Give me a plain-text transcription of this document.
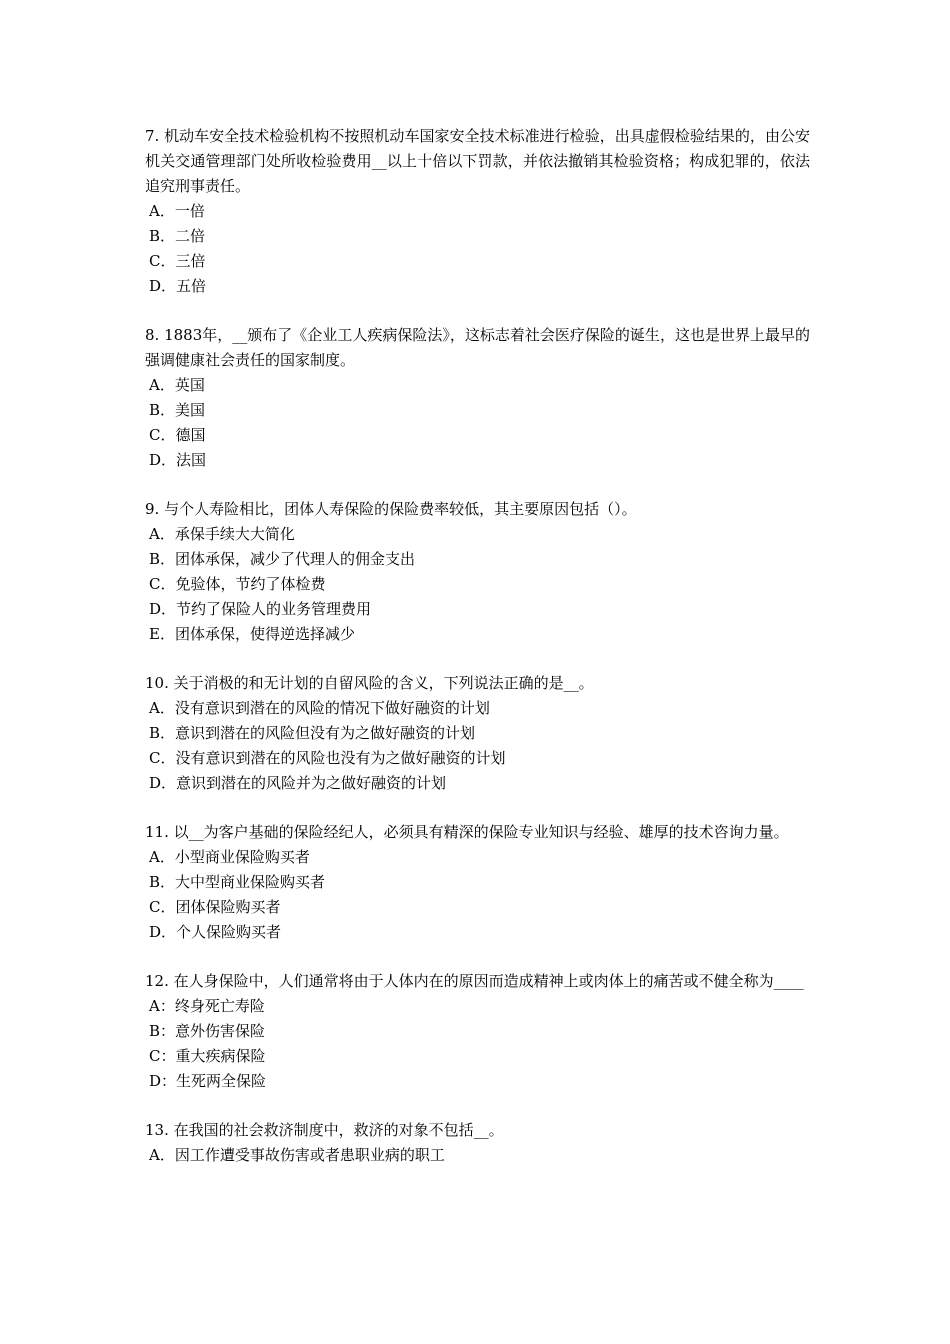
7. 机动车安全技术检验机构不按照机动车国家安全技术标准进行检验，出具虚假检验结果的，由公安机关交通管理部门处所收检验费用__以上十倍以下罚款，并依法撤销其检验资格；构成犯罪的，依法追究刑事责任。

A．一倍
B．二倍
C．三倍
D．五倍

8. 1883年，__颁布了《企业工人疾病保险法》，这标志着社会医疗保险的诞生，这也是世界上最早的强调健康社会责任的国家制度。

A．英国
B．美国
C．德国
D．法国

9. 与个人寿险相比，团体人寿保险的保险费率较低，其主要原因包括（）。

A．承保手续大大简化
B．团体承保，减少了代理人的佣金支出
C．免验体，节约了体检费
D．节约了保险人的业务管理费用
E．团体承保，使得逆选择减少

10. 关于消极的和无计划的自留风险的含义，下列说法正确的是__。

A．没有意识到潜在的风险的情况下做好融资的计划
B．意识到潜在的风险但没有为之做好融资的计划
C．没有意识到潜在的风险也没有为之做好融资的计划
D．意识到潜在的风险并为之做好融资的计划

11. 以__为客户基础的保险经纪人，必须具有精深的保险专业知识与经验、雄厚的技术咨询力量。

A．小型商业保险购买者
B．大中型商业保险购买者
C．团体保险购买者
D．个人保险购买者

12. 在人身保险中，人们通常将由于人体内在的原因而造成精神上或肉体上的痛苦或不健全称为____

A：终身死亡寿险
B：意外伤害保险
C：重大疾病保险
D：生死两全保险

13. 在我国的社会救济制度中，救济的对象不包括__。

A．因工作遭受事故伤害或者患职业病的职工
